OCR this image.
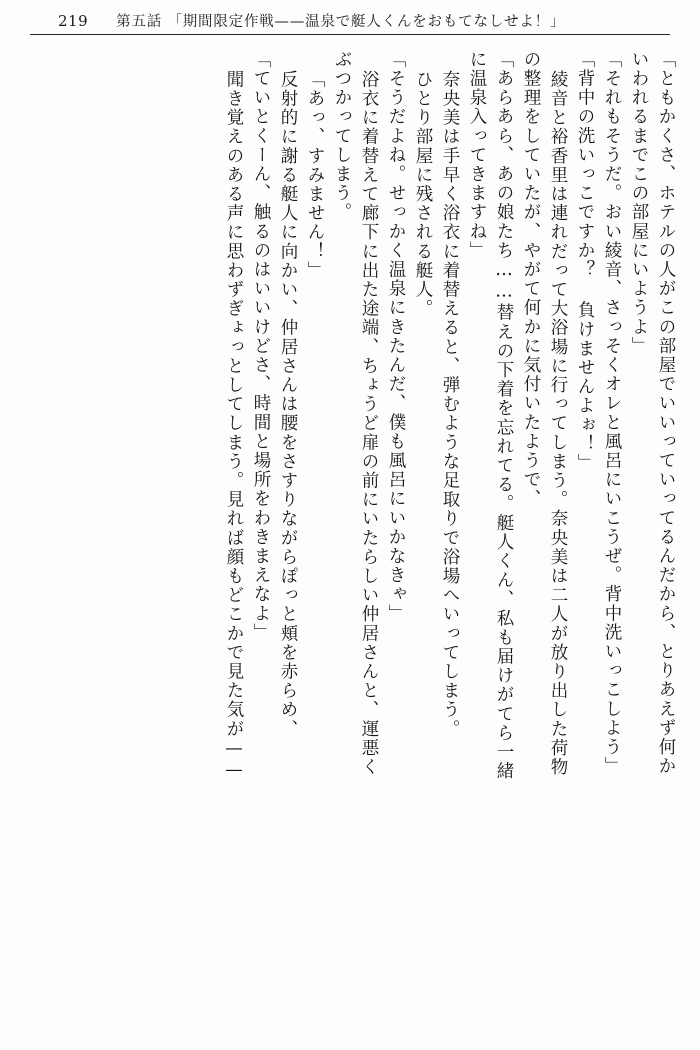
219 第五話 「期間限定作戦——温泉で艇人くんをおもてなしせよ！」
「ともかくさ、ホテルの人がこの部屋でいいっていってるんだから、とりあえず何か
いわれるまでこの部屋にいようよ」
「それもそうだ。おい綾音、さっそくオレと風呂にいこうぜ。背中洗いっこしよう」
「背中の洗いっこですか？ 負けませんよぉ！」
綾音と裕香里は連れだって大浴場に行ってしまう。奈央美は二人が放り出した荷物
の整理をしていたが、やがて何かに気付いたようで、
「あらあら、あの娘たち……替えの下着を忘れてる。艇人くん、私も届けがてら一緒
に温泉入ってきますね」
奈央美は手早く浴衣に着替えると、弾むような足取りで浴場へいってしまう。
ひとり部屋に残される艇人。
「そうだよね。せっかく温泉にきたんだ、僕も風呂にいかなきゃ」
浴衣に着替えて廊下に出た途端、ちょうど扉の前にいたらしい仲居さんと、運悪く
ぶつかってしまう。
「あっ、すみません！」
反射的に謝る艇人に向かい、仲居さんは腰をさすりながらぽっと頬を赤らめ、
「ていとくーん、触るのはいいけどさ、時間と場所をわきまえなよ」
聞き覚えのある声に思わずぎょっとしてしまう。見れば顔もどこかで見た気が——
